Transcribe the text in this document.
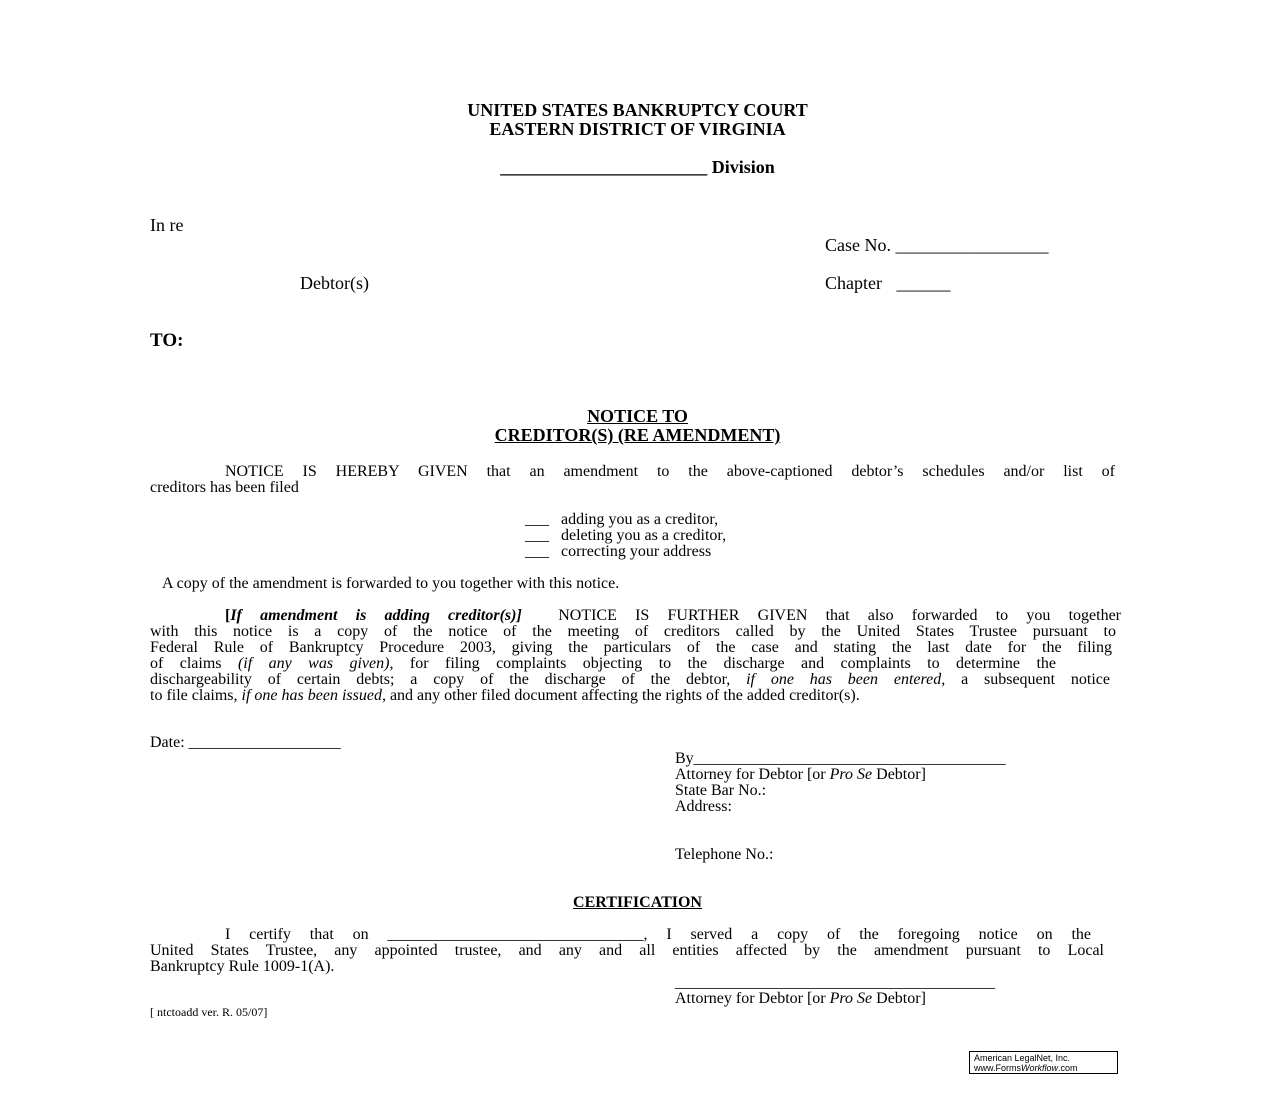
UNITED STATES BANKRUPTCY COURT
EASTERN DISTRICT OF VIRGINIA
_______________________ Division
In re
Case No. _________________
Debtor(s)	Chapter ______
TO:
NOTICE TO
CREDITOR(S) (RE AMENDMENT)
NOTICE IS HEREBY GIVEN that an amendment to the above-captioned debtor’s schedules and/or list of
creditors has been filed
___ adding you as a creditor,
___ deleting you as a creditor,
___ correcting your address
A copy of the amendment is forwarded to you together with this notice.
[If amendment is adding creditor(s)] NOTICE IS FURTHER GIVEN that also forwarded to you together
with this notice is a copy of the notice of the meeting of creditors called by the United States Trustee pursuant to
Federal Rule of Bankruptcy Procedure 2003, giving the particulars of the case and stating the last date for the filing
of claims (if any was given), for filing complaints objecting to the discharge and complaints to determine the
dischargeability of certain debts; a copy of the discharge of the debtor, if one has been entered, a subsequent notice
to file claims, if one has been issued, and any other filed document affecting the rights of the added creditor(s).
Date: ___________________
By_______________________________________
Attorney for Debtor [or Pro Se Debtor]
State Bar No.:
Address:
Telephone No.:
CERTIFICATION
I certify that on ________________________________, I served a copy of the foregoing notice on the
United States Trustee, any appointed trustee, and any and all entities affected by the amendment pursuant to Local
Bankruptcy Rule 1009-1(A).
________________________________________
Attorney for Debtor [or Pro Se Debtor]
[ ntctoadd ver. R. 05/07]
American LegalNet, Inc.
www.FormsWorkflow.com
